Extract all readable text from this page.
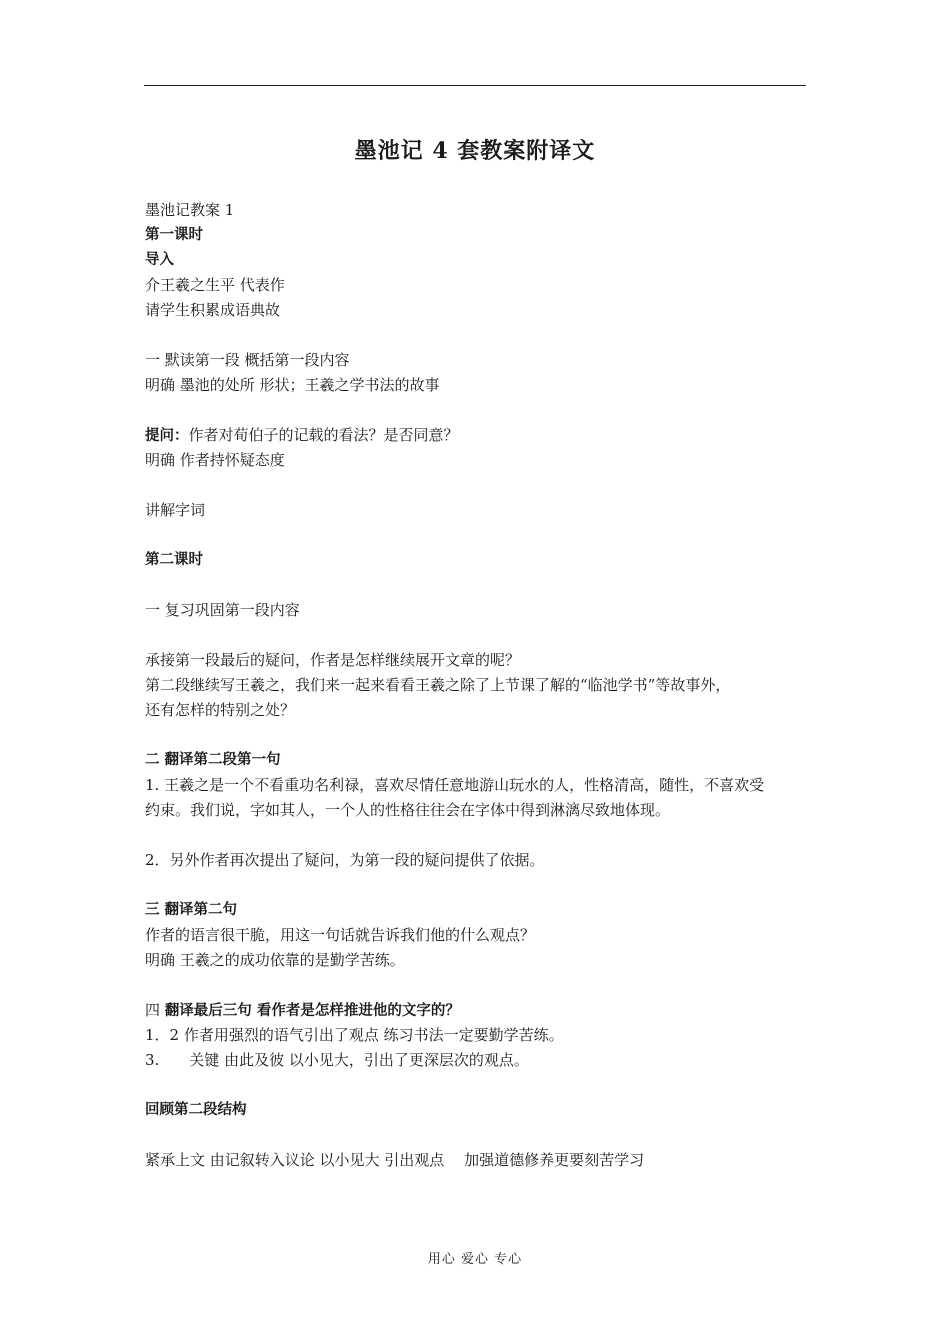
墨池记 4 套教案附译文
墨池记教案 1
第一课时
导入
介王羲之生平 代表作
请学生积累成语典故
一 默读第一段 概括第一段内容
明确 墨池的处所 形状；王羲之学书法的故事
提问：作者对荀伯子的记载的看法？是否同意？
明确 作者持怀疑态度
讲解字词
第二课时
一 复习巩固第一段内容
承接第一段最后的疑问，作者是怎样继续展开文章的呢？
第二段继续写王羲之，我们来一起来看看王羲之除了上节课了解的“临池学书”等故事外，
还有怎样的特别之处？
二 翻译第二段第一句
1. 王羲之是一个不看重功名利禄，喜欢尽情任意地游山玩水的人，性格清高，随性，不喜欢受
约束。我们说，字如其人，一个人的性格往往会在字体中得到淋漓尽致地体现。
2．另外作者再次提出了疑问，为第一段的疑问提供了依据。
三 翻译第二句
作者的语言很干脆，用这一句话就告诉我们他的什么观点？
明确 王羲之的成功依靠的是勤学苦练。
四 翻译最后三句 看作者是怎样推进他的文字的？
1．2 作者用强烈的语气引出了观点 练习书法一定要勤学苦练。
3.　　关键 由此及彼 以小见大，引出了更深层次的观点。
回顾第二段结构
紧承上文 由记叙转入议论 以小见大 引出观点　 加强道德修养更要刻苦学习
用心 爱心 专心
